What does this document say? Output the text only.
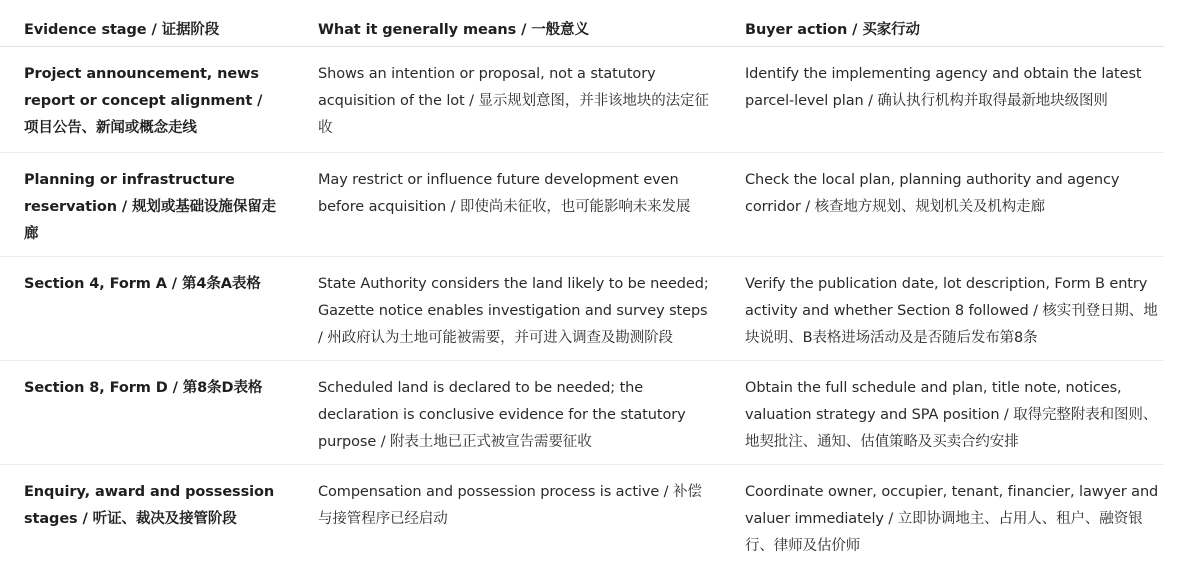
Evidence stage / 证据阶段	What it generally means / 一般意义	Buyer action / 买家行动
Project announcement, news report or concept alignment / 项目公告、新闻或概念走线	Shows an intention or proposal, not a statutory acquisition of the lot / 显示规划意图，并非该地块的法定征收	Identify the implementing agency and obtain the latest parcel-level plan / 确认执行机构并取得最新地块级图则
Planning or infrastructure reservation / 规划或基础设施保留走廊	May restrict or influence future development even before acquisition / 即使尚未征收，也可能影响未来发展	Check the local plan, planning authority and agency corridor / 核查地方规划、规划机关及机构走廊
Section 4, Form A / 第4条A表格	State Authority considers the land likely to be needed; Gazette notice enables investigation and survey steps / 州政府认为土地可能被需要，并可进入调查及勘测阶段	Verify the publication date, lot description, Form B entry activity and whether Section 8 followed / 核实刊登日期、地块说明、B表格进场活动及是否随后发布第8条
Section 8, Form D / 第8条D表格	Scheduled land is declared to be needed; the declaration is conclusive evidence for the statutory purpose / 附表土地已正式被宣告需要征收	Obtain the full schedule and plan, title note, notices, valuation strategy and SPA position / 取得完整附表和图则、地契批注、通知、估值策略及买卖合约安排
Enquiry, award and possession stages / 听证、裁决及接管阶段	Compensation and possession process is active / 补偿与接管程序已经启动	Coordinate owner, occupier, tenant, financier, lawyer and valuer immediately / 立即协调地主、占用人、租户、融资银行、律师及估价师
